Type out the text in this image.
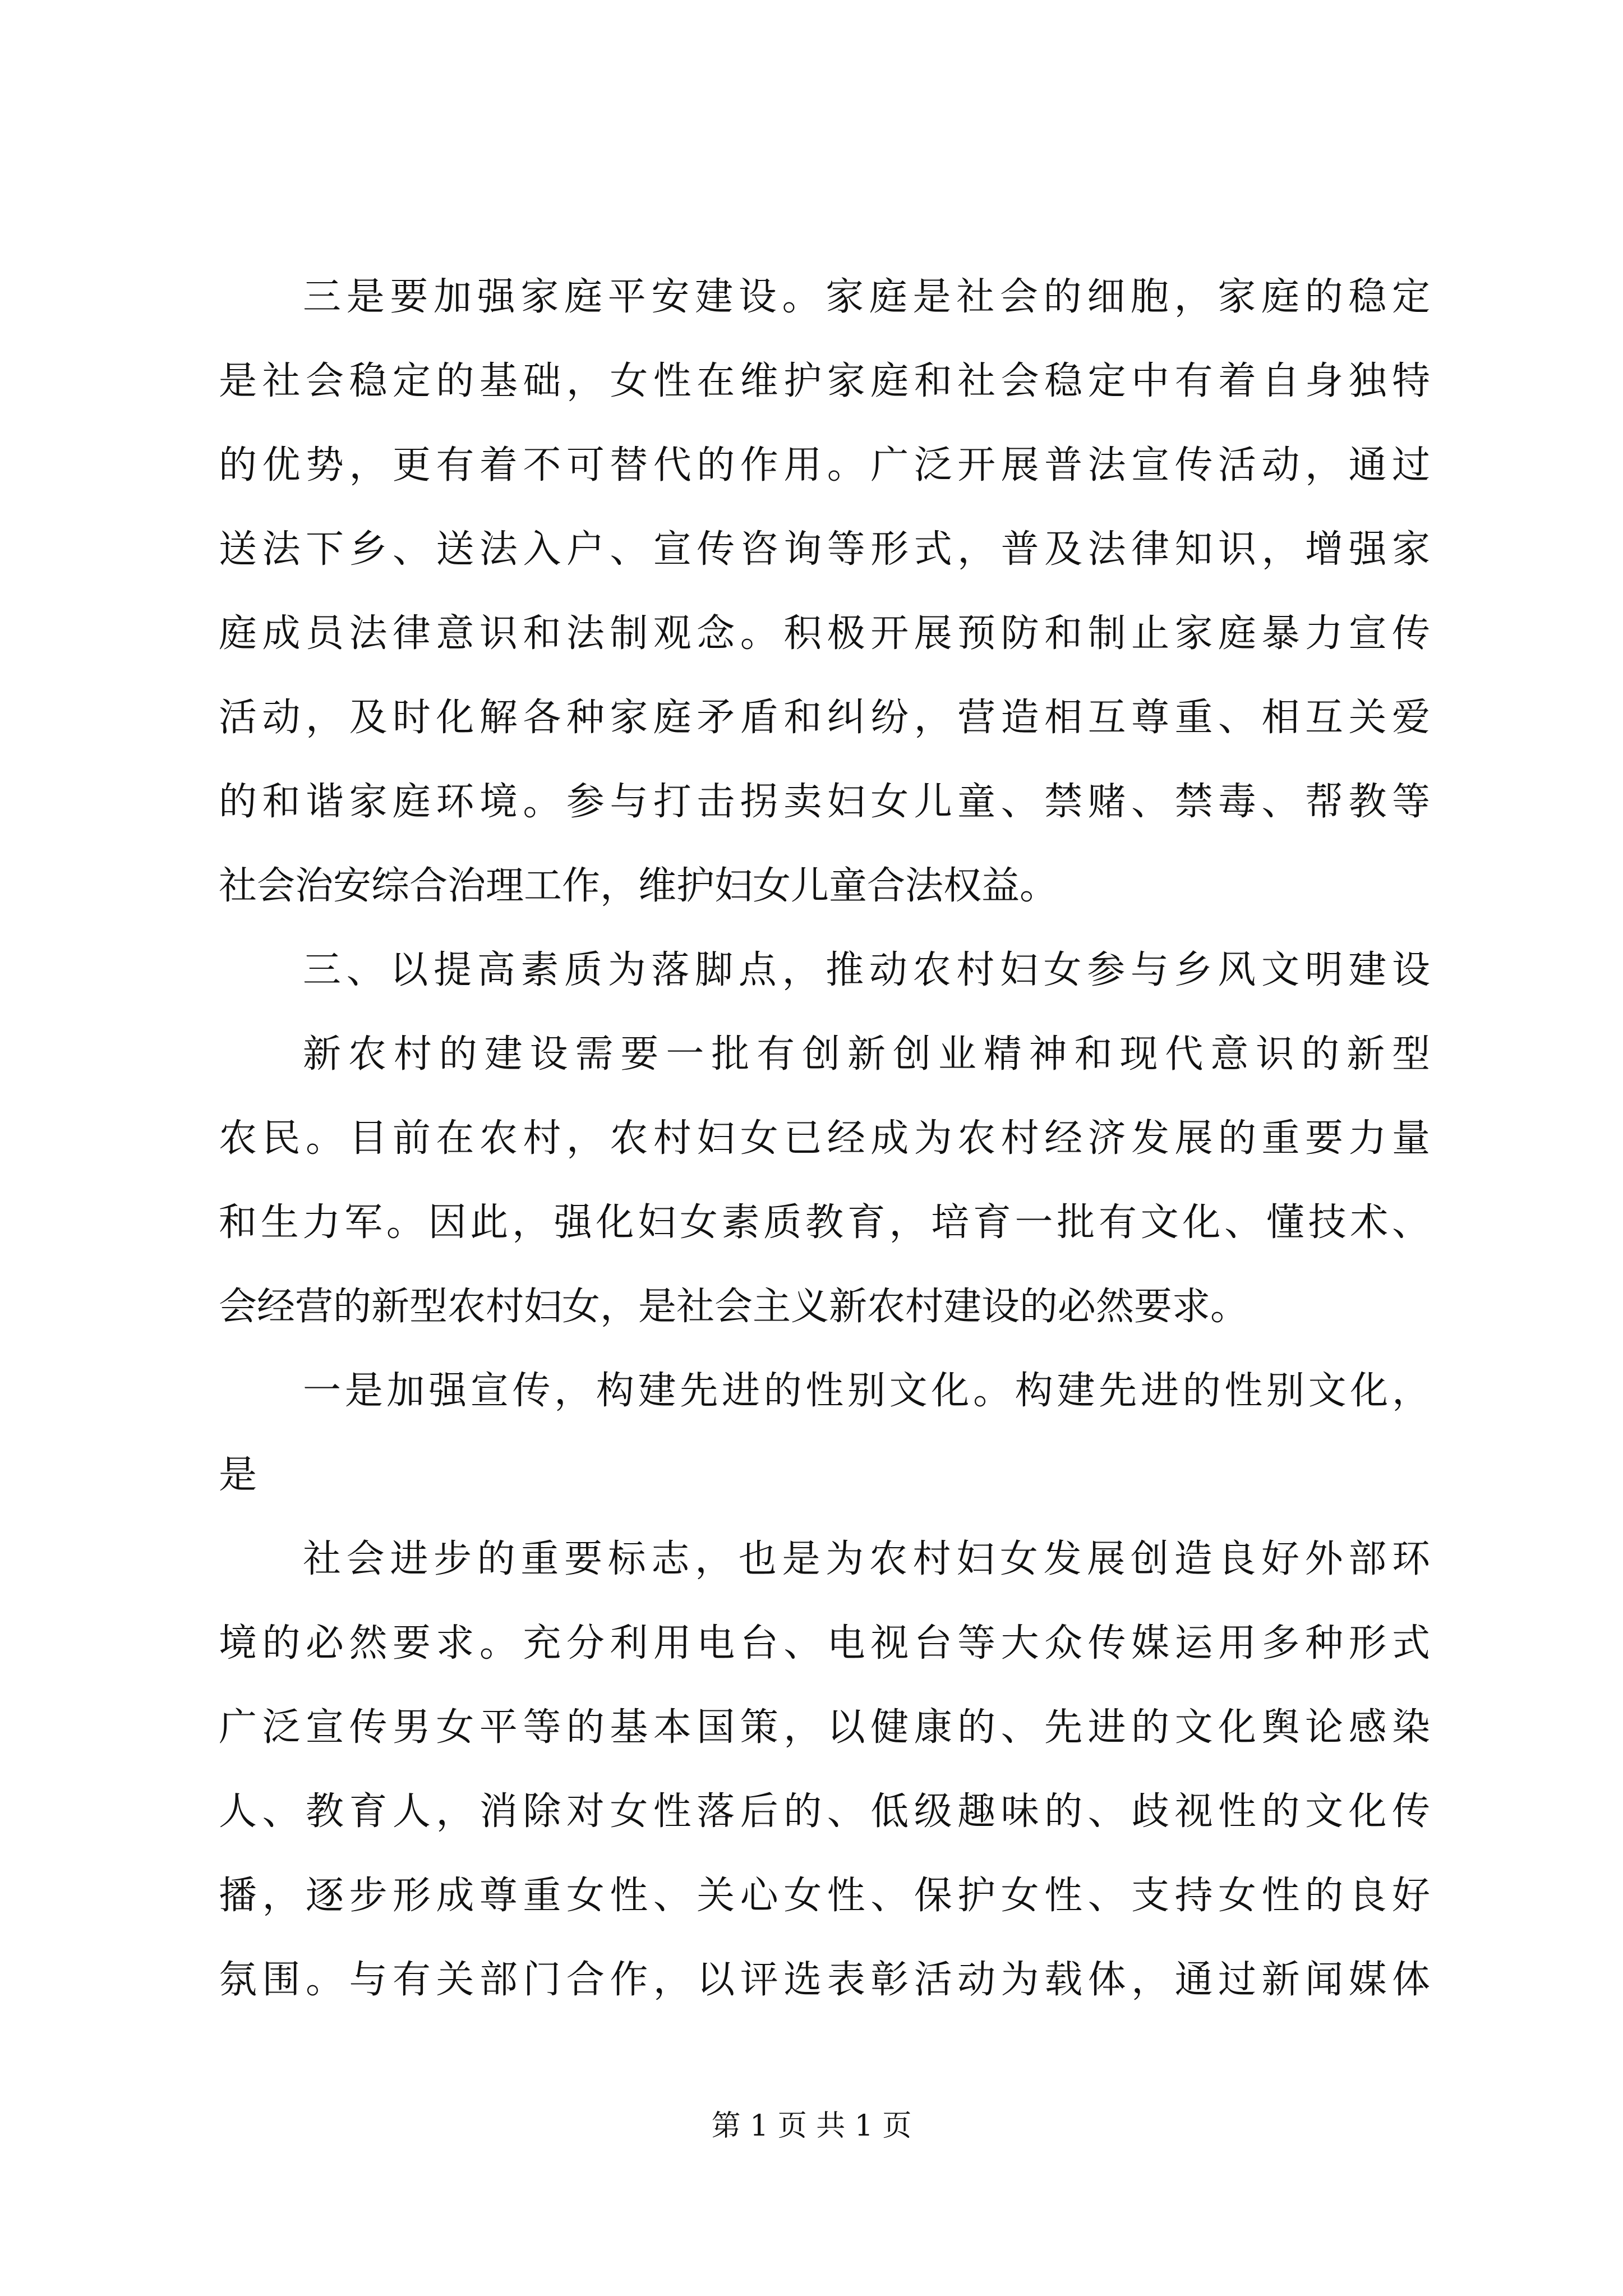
三是要加强家庭平安建设。家庭是社会的细胞，家庭的稳定
是社会稳定的基础，女性在维护家庭和社会稳定中有着自身独特
的优势，更有着不可替代的作用。广泛开展普法宣传活动，通过
送法下乡、送法入户、宣传咨询等形式，普及法律知识，增强家
庭成员法律意识和法制观念。积极开展预防和制止家庭暴力宣传
活动，及时化解各种家庭矛盾和纠纷，营造相互尊重、相互关爱
的和谐家庭环境。参与打击拐卖妇女儿童、禁赌、禁毒、帮教等
社会治安综合治理工作，维护妇女儿童合法权益。
三、以提高素质为落脚点，推动农村妇女参与乡风文明建设
新农村的建设需要一批有创新创业精神和现代意识的新型
农民。目前在农村，农村妇女已经成为农村经济发展的重要力量
和生力军。因此，强化妇女素质教育，培育一批有文化、懂技术、
会经营的新型农村妇女，是社会主义新农村建设的必然要求。
一是加强宣传，构建先进的性别文化。构建先进的性别文化，
是
社会进步的重要标志，也是为农村妇女发展创造良好外部环
境的必然要求。充分利用电台、电视台等大众传媒运用多种形式
广泛宣传男女平等的基本国策，以健康的、先进的文化舆论感染
人、教育人，消除对女性落后的、低级趣味的、歧视性的文化传
播，逐步形成尊重女性、关心女性、保护女性、支持女性的良好
氛围。与有关部门合作，以评选表彰活动为载体，通过新闻媒体
第 1 页 共 1 页
